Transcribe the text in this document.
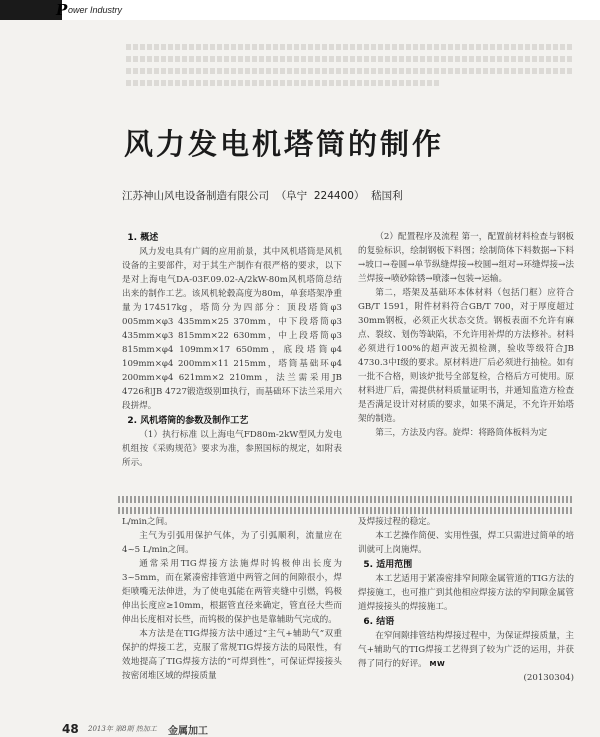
P ower Industry
风力发电机塔筒的制作
江苏神山风电设备制造有限公司 （阜宁  224400） 嵇国利

1. 概述

风力发电具有广阔的应用前景，其中风机塔筒是风机设备的主要部件，对于其生产制作有很严格的要求，以下是对上海电气DA-03F.09.02-A/2kW-80m风机塔筒总结出来的制作工艺。该风机轮毂高度为80m，单套塔架净重量为174517kg，塔筒分为四部分：顶段塔筒φ3 005mm×φ3 435mm×25 370mm，中下段塔筒φ3 435mm×φ3 815mm×22 630mm，中上段塔筒φ3 815mm×φ4 109mm×17 650mm，底段塔筒φ4 109mm×φ4 200mm×11 215mm，塔筒基础环φ4 200mm×φ4 621mm×2 210mm，法兰需采用JB 4726和JB 4727锻造级别Ⅲ执行，而基础环下法兰采用六段拼焊。

2. 风机塔筒的参数及制作工艺

（1）执行标准 以上海电气FD80m-2kW型风力发电机组按《采购规范》要求为准，参照国标的规定，如附表所示。

（2）配置程序及流程 第一，配置前材料检查与钢板的复验标识，绘制钢板下料图；绘制筒体下料数据→下料→坡口→卷圆→单节纵缝焊接→校圆→组对→环缝焊接→法兰焊接→喷砂除锈→喷漆→包装→运输。

第二，塔架及基础环本体材料（包括门框）应符合GB/T 1591，附件材料符合GB/T 700，对于厚度超过30mm钢板，必须正火状态交货。钢板表面不允许有麻点、裂纹、划伤等缺陷，不允许用补焊的方法修补。材料必须进行100%的超声波无损检测，验收等级符合JB 4730.3中Ⅰ级的要求。原材料进厂后必须进行抽检。如有一批不合格，则该炉批号全部复检，合格后方可使用。原材料进厂后，需提供材料质量证明书，并通知监造方检查是否满足设计对材质的要求，如果不满足，不允许开始塔架的制造。

第三，方法及内容。旋焊：将路筒体板料为定

L/min之间。

主气为引弧用保护气体，为了引弧顺利，流量应在4~5 L/min之间。

通常采用TIG焊接方法施焊时钨极伸出长度为3~5mm，而在紧凑密排管道中两管之间的间隙很小，焊炬喷嘴无法伸进，为了使电弧能在两管夹缝中引燃，钨极伸出长度应≥10mm，根据管直径来确定，管直径大些而伸出长度相对长些，而钨极的保护也是靠辅助气完成的。

本方法是在TIG焊接方法中通过“主气+辅助气”双重保护的焊接工艺，克服了常规TIG焊接方法的局限性，有效地提高了TIG焊接方法的“可焊到性”，可保证焊接接头按密闭堆区域的焊接质量

及焊接过程的稳定。

本工艺操作简便、实用性强，焊工只需进过简单的培训就可上岗施焊。

5. 适用范围

本工艺适用于紧凑密排窄间隙金属管道的TIG方法的焊接施工，也可推广到其他相应焊接方法的窄间隙金属管道焊接接头的焊接施工。

6. 结语

在窄间隙排管结构焊接过程中，为保证焊接质量，主气+辅助气的TIG焊接工艺得到了较为广泛的运用，并获得了同行的好评。 MW

(20130304)

48 2013年 第8期 热加工 金属加工
